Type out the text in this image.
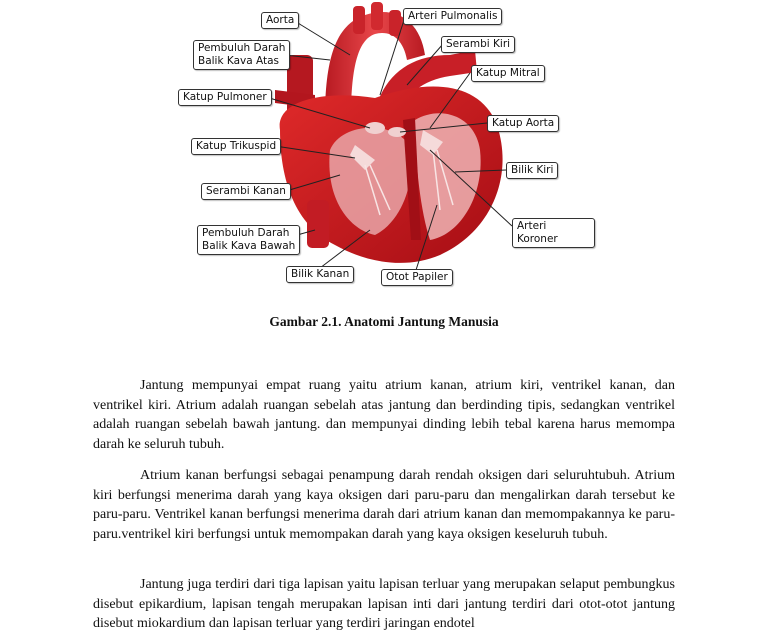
Aorta	Arteri Pulmonalis
Pembuluh Darah
Balik Kava Atas
Serambi Kiri
Katup Mitral
Katup Pulmoner
Katup Aorta
Katup Trikuspid
Bilik Kiri
Serambi Kanan
Arteri Koroner
Pembuluh Darah
Balik Kava Bawah
Bilik Kanan	Otot Papiler
Gambar 2.1. Anatomi Jantung Manusia

Jantung mempunyai empat ruang yaitu atrium kanan, atrium kiri, ventrikel kanan, dan ventrikel kiri. Atrium adalah ruangan sebelah atas jantung dan berdinding tipis, sedangkan ventrikel adalah ruangan sebelah bawah jantung. dan mempunyai dinding lebih tebal karena harus memompa darah ke seluruh tubuh.

Atrium kanan berfungsi sebagai penampung darah rendah oksigen dari seluruhtubuh. Atrium kiri berfungsi menerima darah yang kaya oksigen dari paru-paru dan mengalirkan darah tersebut ke paru-paru. Ventrikel kanan berfungsi menerima darah dari atrium kanan dan memompakannya ke paru-paru.ventrikel kiri berfungsi untuk memompakan darah yang kaya oksigen keseluruh tubuh.

Jantung juga terdiri dari tiga lapisan yaitu lapisan terluar yang merupakan selaput pembungkus disebut epikardium, lapisan tengah merupakan lapisan inti dari jantung terdiri dari otot-otot jantung disebut miokardium dan lapisan terluar yang terdiri jaringan endotel
